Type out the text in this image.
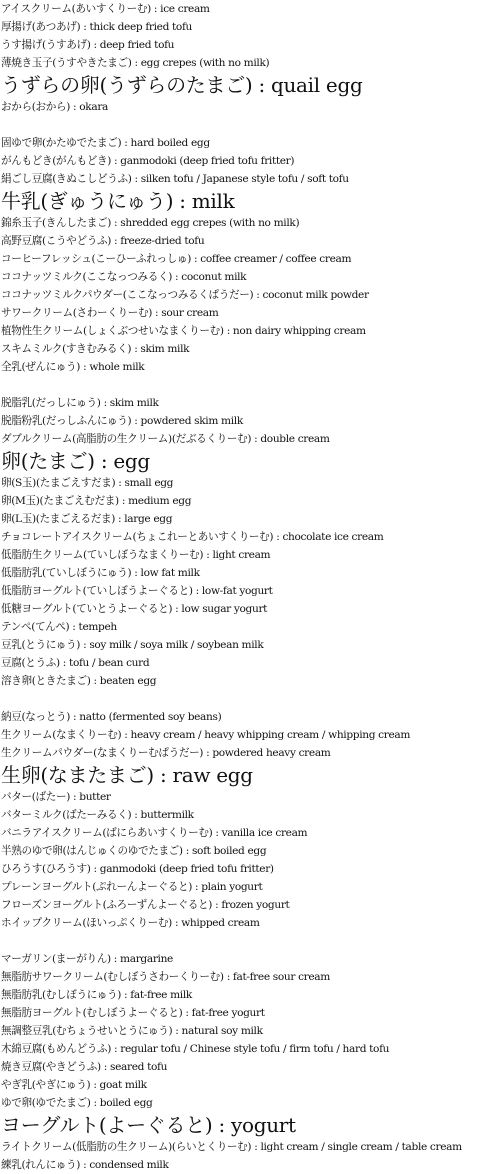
アイスクリーム(あいすくりーむ) : ice cream
厚揚げ(あつあげ) : thick deep fried tofu
うす揚げ(うすあげ) : deep fried tofu
薄焼き玉子(うすやきたまご) : egg crepes (with no milk)
うずらの卵(うずらのたまご) : quail egg
おから(おから) : okara
固ゆで卵(かたゆでたまご) : hard boiled egg
がんもどき(がんもどき) : ganmodoki (deep fried tofu fritter)
絹ごし豆腐(きぬこしどうふ) : silken tofu / Japanese style tofu / soft tofu
牛乳(ぎゅうにゅう) : milk
錦糸玉子(きんしたまご) : shredded egg crepes (with no milk)
高野豆腐(こうやどうふ) : freeze-dried tofu
コーヒーフレッシュ(こーひーふれっしゅ) : coffee creamer / coffee cream
ココナッツミルク(ここなっつみるく) : coconut milk
ココナッツミルクパウダー(ここなっつみるくぱうだー) : coconut milk powder
サワークリーム(さわーくりーむ) : sour cream
植物性生クリーム(しょくぶつせいなまくりーむ) : non dairy whipping cream
スキムミルク(すきむみるく) : skim milk
全乳(ぜんにゅう) : whole milk
脱脂乳(だっしにゅう) : skim milk
脱脂粉乳(だっしふんにゅう) : powdered skim milk
ダブルクリーム(高脂肪の生クリーム)(だぶるくりーむ) : double cream
卵(たまご) : egg
卵(S玉)(たまごえすだま) : small egg
卵(M玉)(たまごえむだま) : medium egg
卵(L玉)(たまごえるだま) : large egg
チョコレートアイスクリーム(ちょこれーとあいすくりーむ) : chocolate ice cream
低脂肪生クリーム(ていしぼうなまくりーむ) : light cream
低脂肪乳(ていしぼうにゅう) : low fat milk
低脂肪ヨーグルト(ていしぼうよーぐると) : low-fat yogurt
低糖ヨーグルト(ていとうよーぐると) : low sugar yogurt
テンペ(てんぺ) : tempeh
豆乳(とうにゅう) : soy milk / soya milk / soybean milk
豆腐(とうふ) : tofu / bean curd
溶き卵(ときたまご) : beaten egg
納豆(なっとう) : natto (fermented soy beans)
生クリーム(なまくりーむ) : heavy cream / heavy whipping cream / whipping cream
生クリームパウダー(なまくりーむぱうだー) : powdered heavy cream
生卵(なまたまご) : raw egg
バター(ばたー) : butter
バターミルク(ばたーみるく) : buttermilk
バニラアイスクリーム(ばにらあいすくりーむ) : vanilla ice cream
半熟のゆで卵(はんじゅくのゆでたまご) : soft boiled egg
ひろうす(ひろうす) : ganmodoki (deep fried tofu fritter)
プレーンヨーグルト(ぷれーんよーぐると) : plain yogurt
フローズンヨーグルト(ふろーずんよーぐると) : frozen yogurt
ホイップクリーム(ほいっぷくりーむ) : whipped cream
マーガリン(まーがりん) : margarine
無脂肪サワークリーム(むしぼうさわーくりーむ) : fat-free sour cream
無脂肪乳(むしぼうにゅう) : fat-free milk
無脂肪ヨーグルト(むしぼうよーぐると) : fat-free yogurt
無調整豆乳(むちょうせいとうにゅう) : natural soy milk
木綿豆腐(もめんどうふ) : regular tofu / Chinese style tofu / firm tofu / hard tofu
焼き豆腐(やきどうふ) : seared tofu
やぎ乳(やぎにゅう) : goat milk
ゆで卵(ゆでたまご) : boiled egg
ヨーグルト(よーぐると) : yogurt
ライトクリーム(低脂肪の生クリーム)(らいとくりーむ) : light cream / single cream / table cream
練乳(れんにゅう) : condensed milk
